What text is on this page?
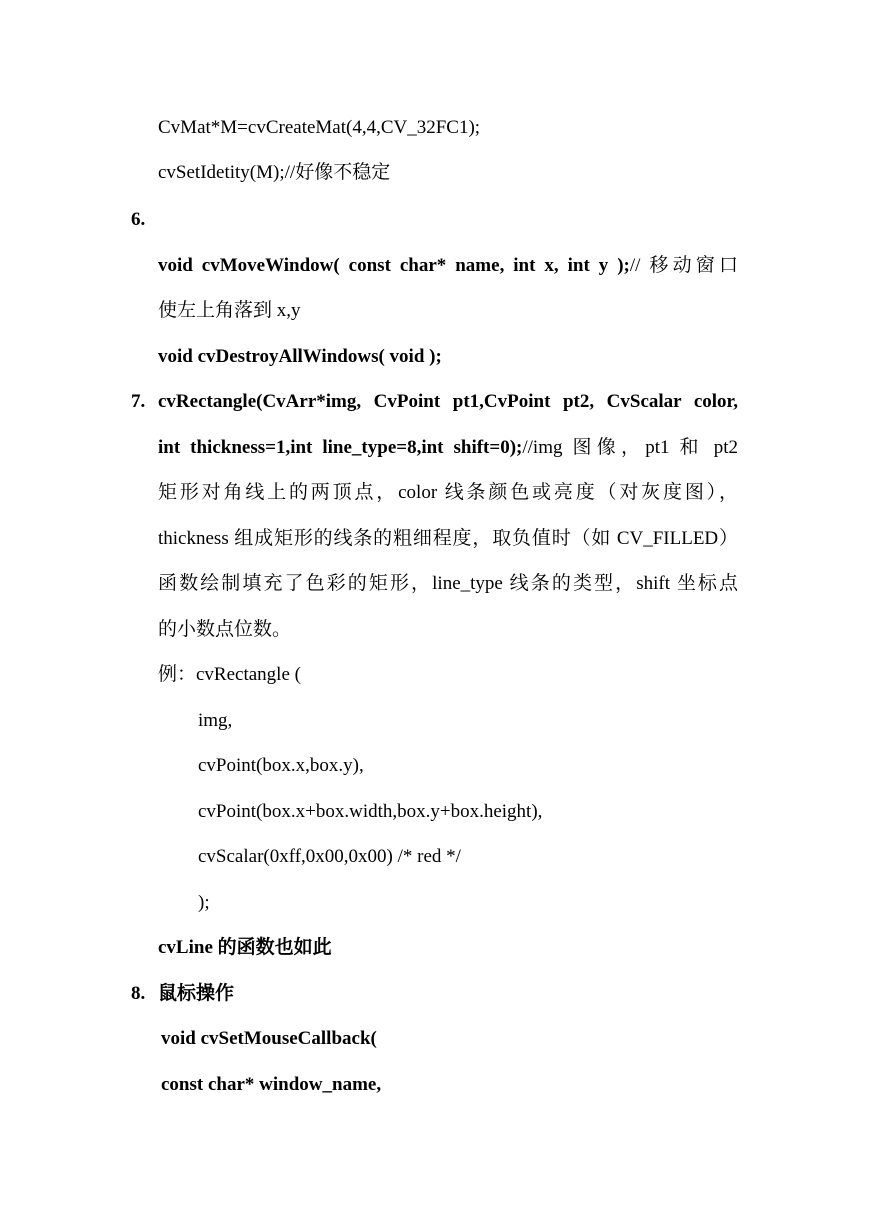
CvMat*M=cvCreateMat(4,4,CV_32FC1);
cvSetIdetity(M);//好像不稳定
6.
void cvMoveWindow( const char* name, int x, int y );// 移动窗口
使左上角落到 x,y
void cvDestroyAllWindows( void );
7. cvRectangle(CvArr*img, CvPoint pt1,CvPoint pt2, CvScalar color,
int thickness=1,int line_type=8,int shift=0);//img 图像，pt1 和 pt2
矩形对角线上的两顶点，color 线条颜色或亮度（对灰度图），
thickness 组成矩形的线条的粗细程度，取负值时（如 CV_FILLED）
函数绘制填充了色彩的矩形，line_type 线条的类型，shift 坐标点
的小数点位数。
例：cvRectangle (
img,
cvPoint(box.x,box.y),
cvPoint(box.x+box.width,box.y+box.height),
cvScalar(0xff,0x00,0x00) /* red */
);
cvLine 的函数也如此
8. 鼠标操作
void cvSetMouseCallback(
const char* window_name,
